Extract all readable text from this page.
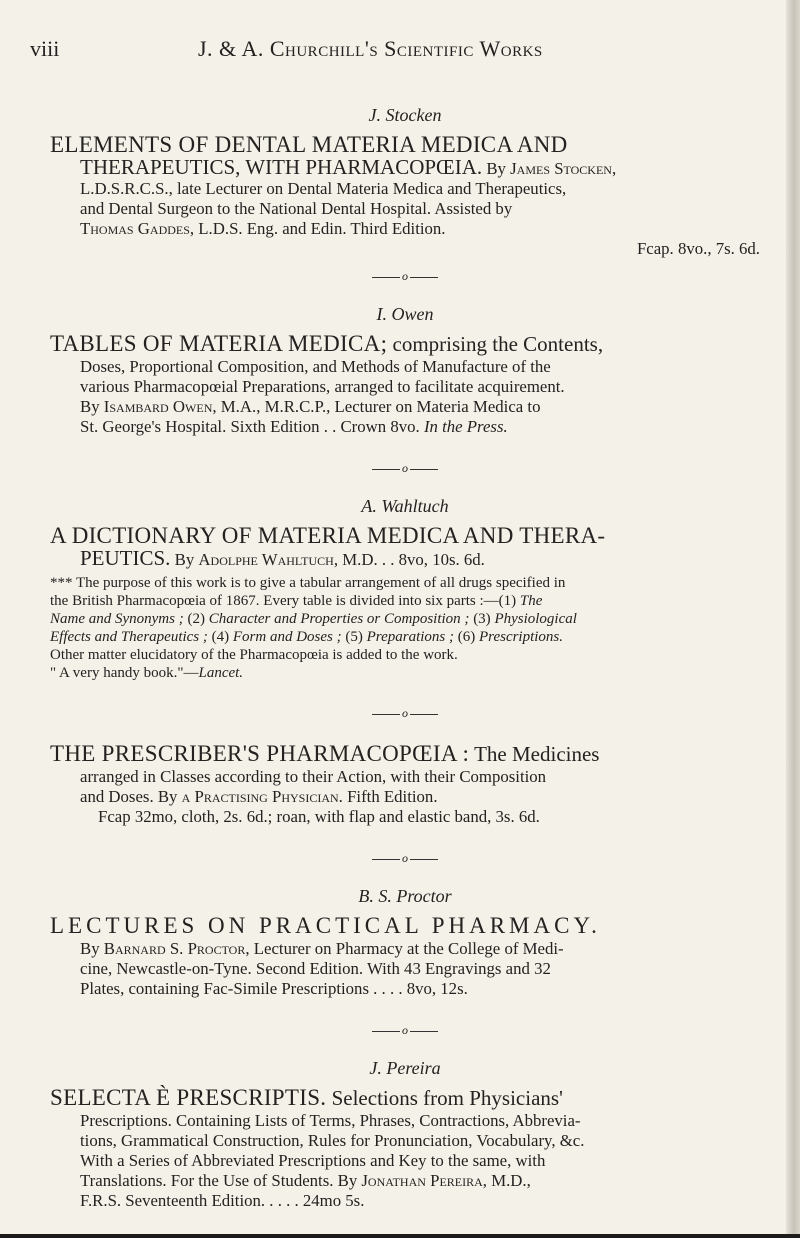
viii	J. & A. Churchill's Scientific Works

J. Stocken

ELEMENTS OF DENTAL MATERIA MEDICA AND

THERAPEUTICS, WITH PHARMACOPŒIA. By James Stocken,
L.D.S.R.C.S., late Lecturer on Dental Materia Medica and Therapeutics,
and Dental Surgeon to the National Dental Hospital. Assisted by
Thomas Gaddes, L.D.S. Eng. and Edin. Third Edition.

Fcap. 8vo., 7s. 6d.

o

I. Owen

TABLES OF MATERIA MEDICA; comprising the Contents,

Doses, Proportional Composition, and Methods of Manufacture of the
various Pharmacopœial Preparations, arranged to facilitate acquirement.
By Isambard Owen, M.A., M.R.C.P., Lecturer on Materia Medica to
St. George's Hospital. Sixth Edition . . Crown 8vo. In the Press.

o

A. Wahltuch

A DICTIONARY OF MATERIA MEDICA AND THERA-

PEUTICS. By Adolphe Wahltuch, M.D. . . 8vo, 10s. 6d.

*** The purpose of this work is to give a tabular arrangement of all drugs specified in
the British Pharmacopœia of 1867. Every table is divided into six parts :—(1) The
Name and Synonyms ; (2) Character and Properties or Composition ; (3) Physiological
Effects and Therapeutics ; (4) Form and Doses ; (5) Preparations ; (6) Prescriptions.
Other matter elucidatory of the Pharmacopœia is added to the work.
" A very handy book."—Lancet.

o

THE PRESCRIBER'S PHARMACOPŒIA : The Medicines

arranged in Classes according to their Action, with their Composition
and Doses. By a Practising Physician. Fifth Edition.

Fcap 32mo, cloth, 2s. 6d.; roan, with flap and elastic band, 3s. 6d.

o

B. S. Proctor

LECTURES ON PRACTICAL PHARMACY.

By Barnard S. Proctor, Lecturer on Pharmacy at the College of Medi-
cine, Newcastle-on-Tyne. Second Edition. With 43 Engravings and 32
Plates, containing Fac-Simile Prescriptions . . . . 8vo, 12s.

o

J. Pereira

SELECTA È PRESCRIPTIS. Selections from Physicians'

Prescriptions. Containing Lists of Terms, Phrases, Contractions, Abbrevia-
tions, Grammatical Construction, Rules for Pronunciation, Vocabulary, &c.
With a Series of Abbreviated Prescriptions and Key to the same, with
Translations. For the Use of Students. By Jonathan Pereira, M.D.,
F.R.S. Seventeenth Edition. . . . . 24mo 5s.
